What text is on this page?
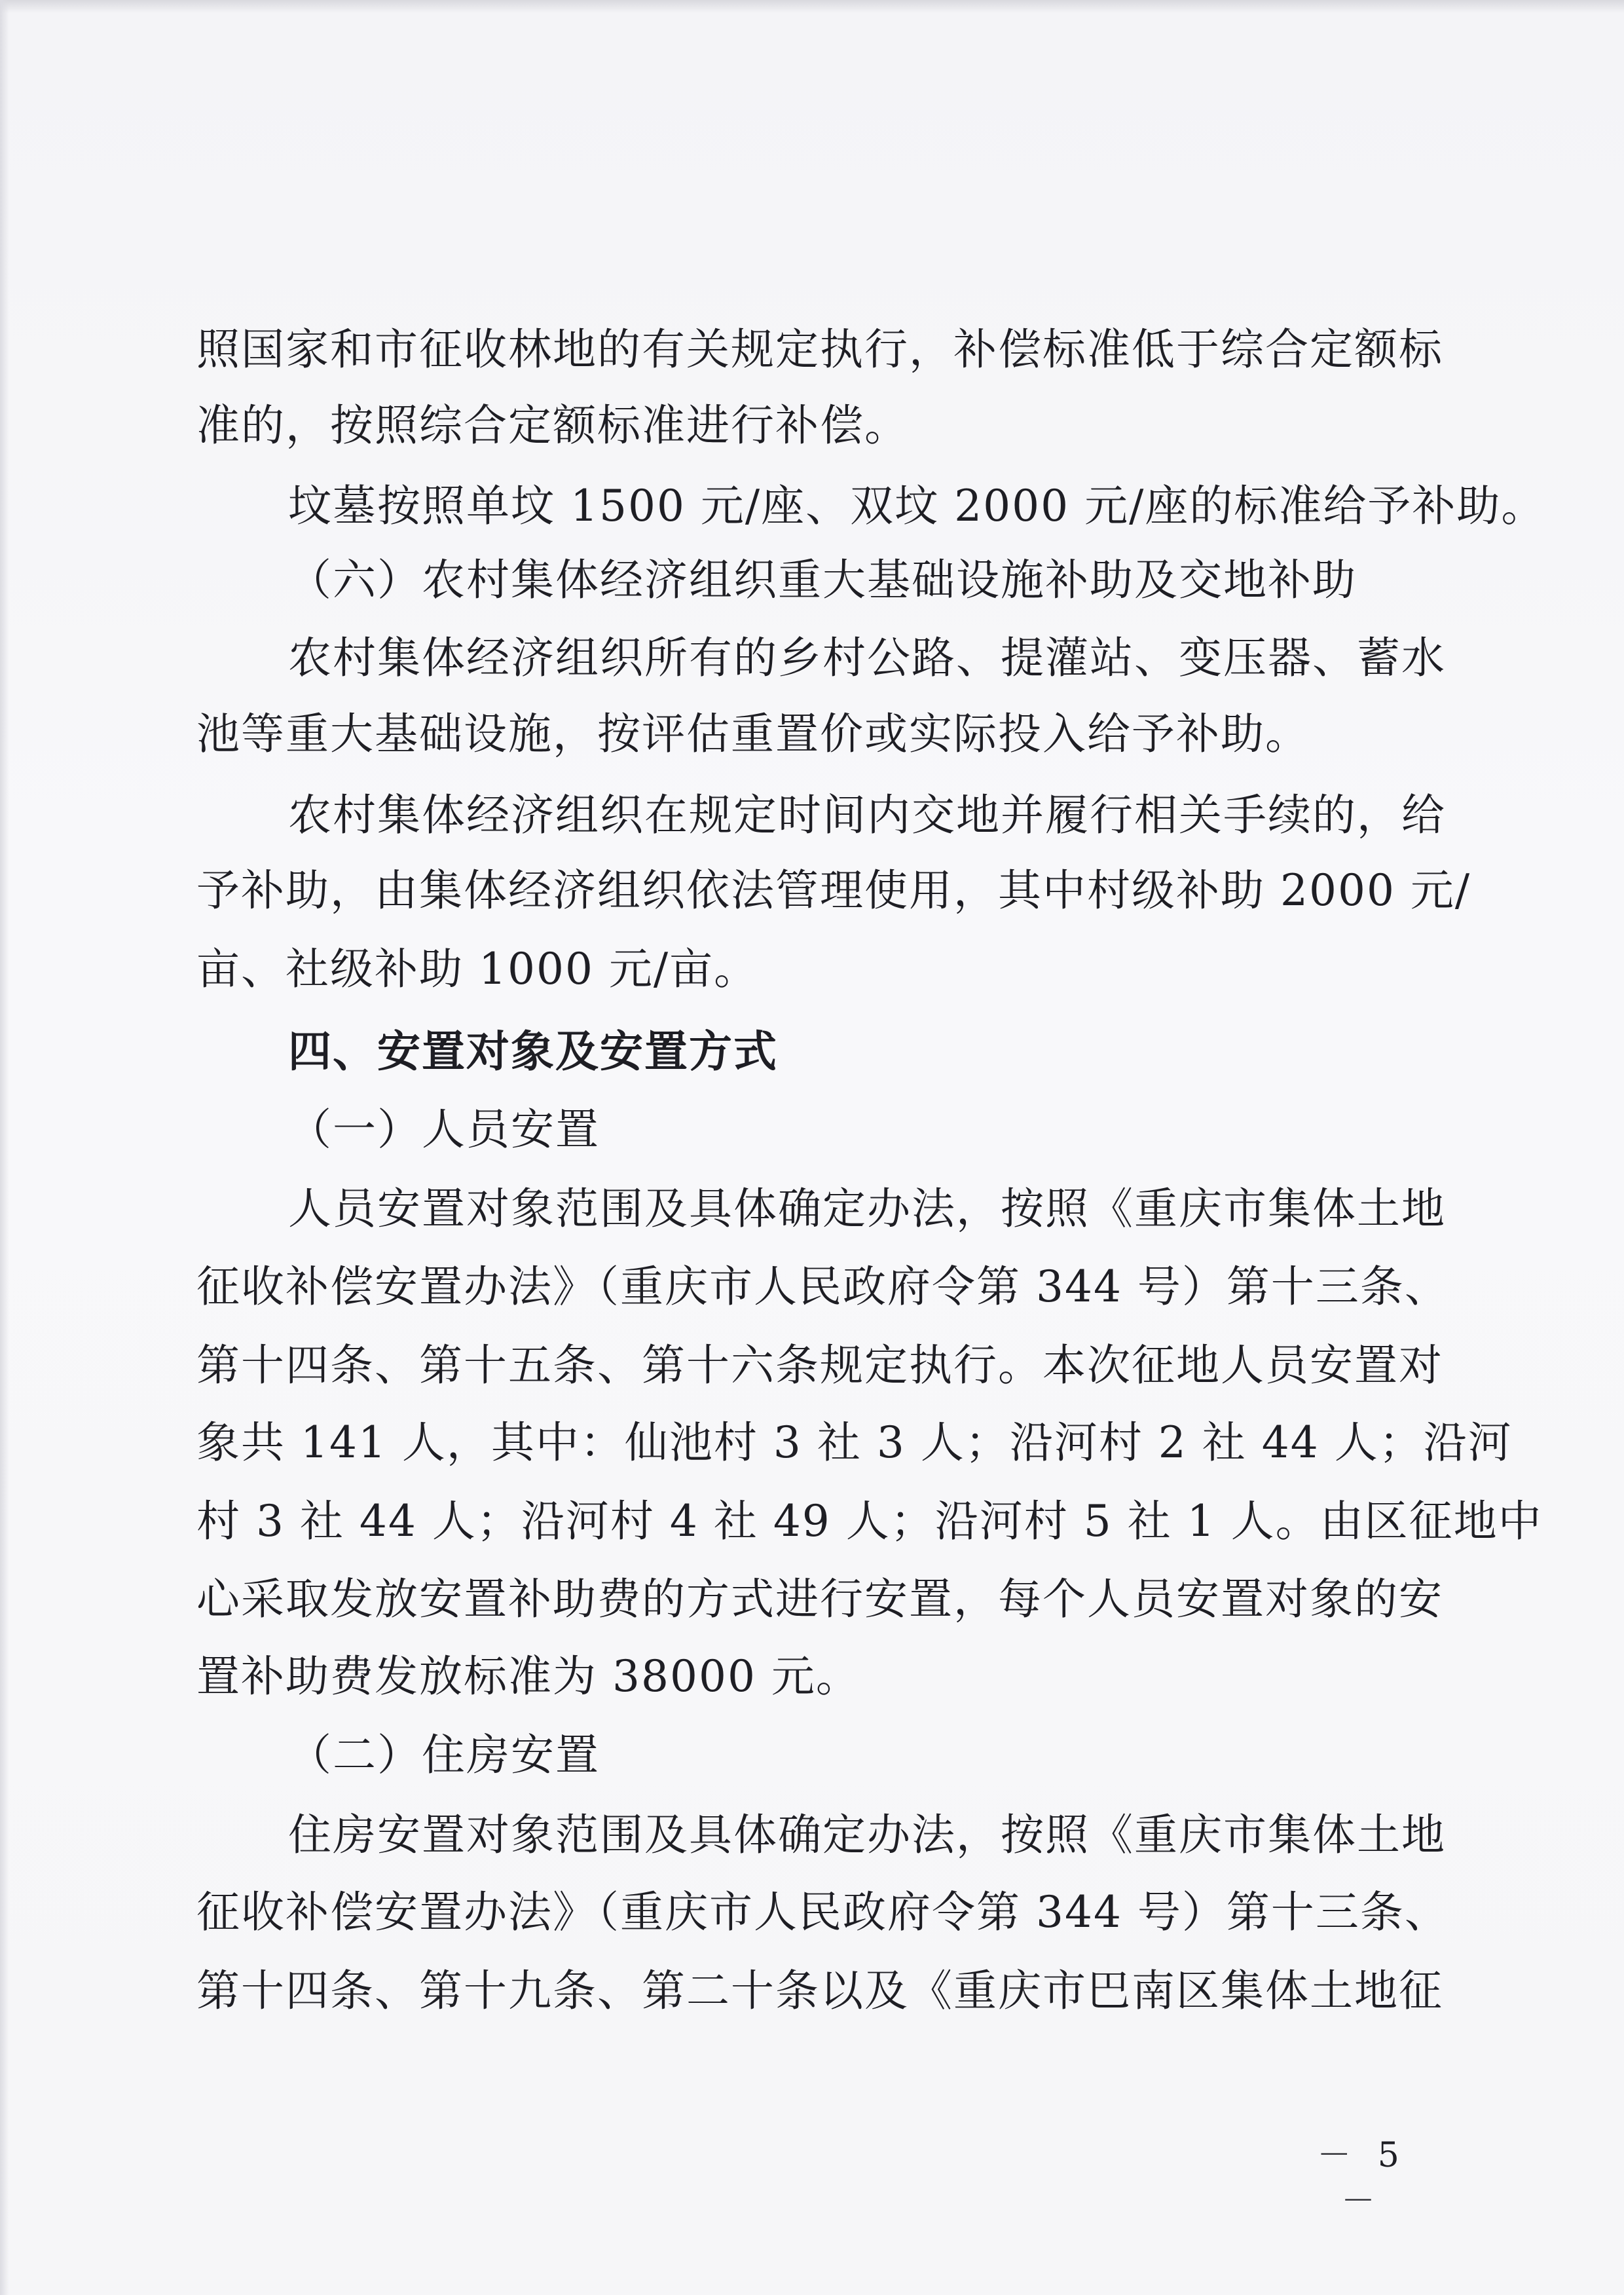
照国家和市征收林地的有关规定执行，补偿标准低于综合定额标
准的，按照综合定额标准进行补偿。
坟墓按照单坟 1500 元/座、双坟 2000 元/座的标准给予补助。
（六）农村集体经济组织重大基础设施补助及交地补助
农村集体经济组织所有的乡村公路、提灌站、变压器、蓄水
池等重大基础设施，按评估重置价或实际投入给予补助。
农村集体经济组织在规定时间内交地并履行相关手续的，给
予补助，由集体经济组织依法管理使用，其中村级补助 2000 元/
亩、社级补助 1000 元/亩。
四、安置对象及安置方式
（一）人员安置
人员安置对象范围及具体确定办法，按照《重庆市集体土地
征收补偿安置办法》（重庆市人民政府令第 344 号）第十三条、
第十四条、第十五条、第十六条规定执行。本次征地人员安置对
象共 141 人，其中：仙池村 3 社 3 人；沿河村 2 社 44 人；沿河
村 3 社 44 人；沿河村 4 社 49 人；沿河村 5 社 1 人。由区征地中
心采取发放安置补助费的方式进行安置，每个人员安置对象的安
置补助费发放标准为 38000 元。
（二）住房安置
住房安置对象范围及具体确定办法，按照《重庆市集体土地
征收补偿安置办法》（重庆市人民政府令第 344 号）第十三条、
第十四条、第十九条、第二十条以及《重庆市巴南区集体土地征
－ 5 －
